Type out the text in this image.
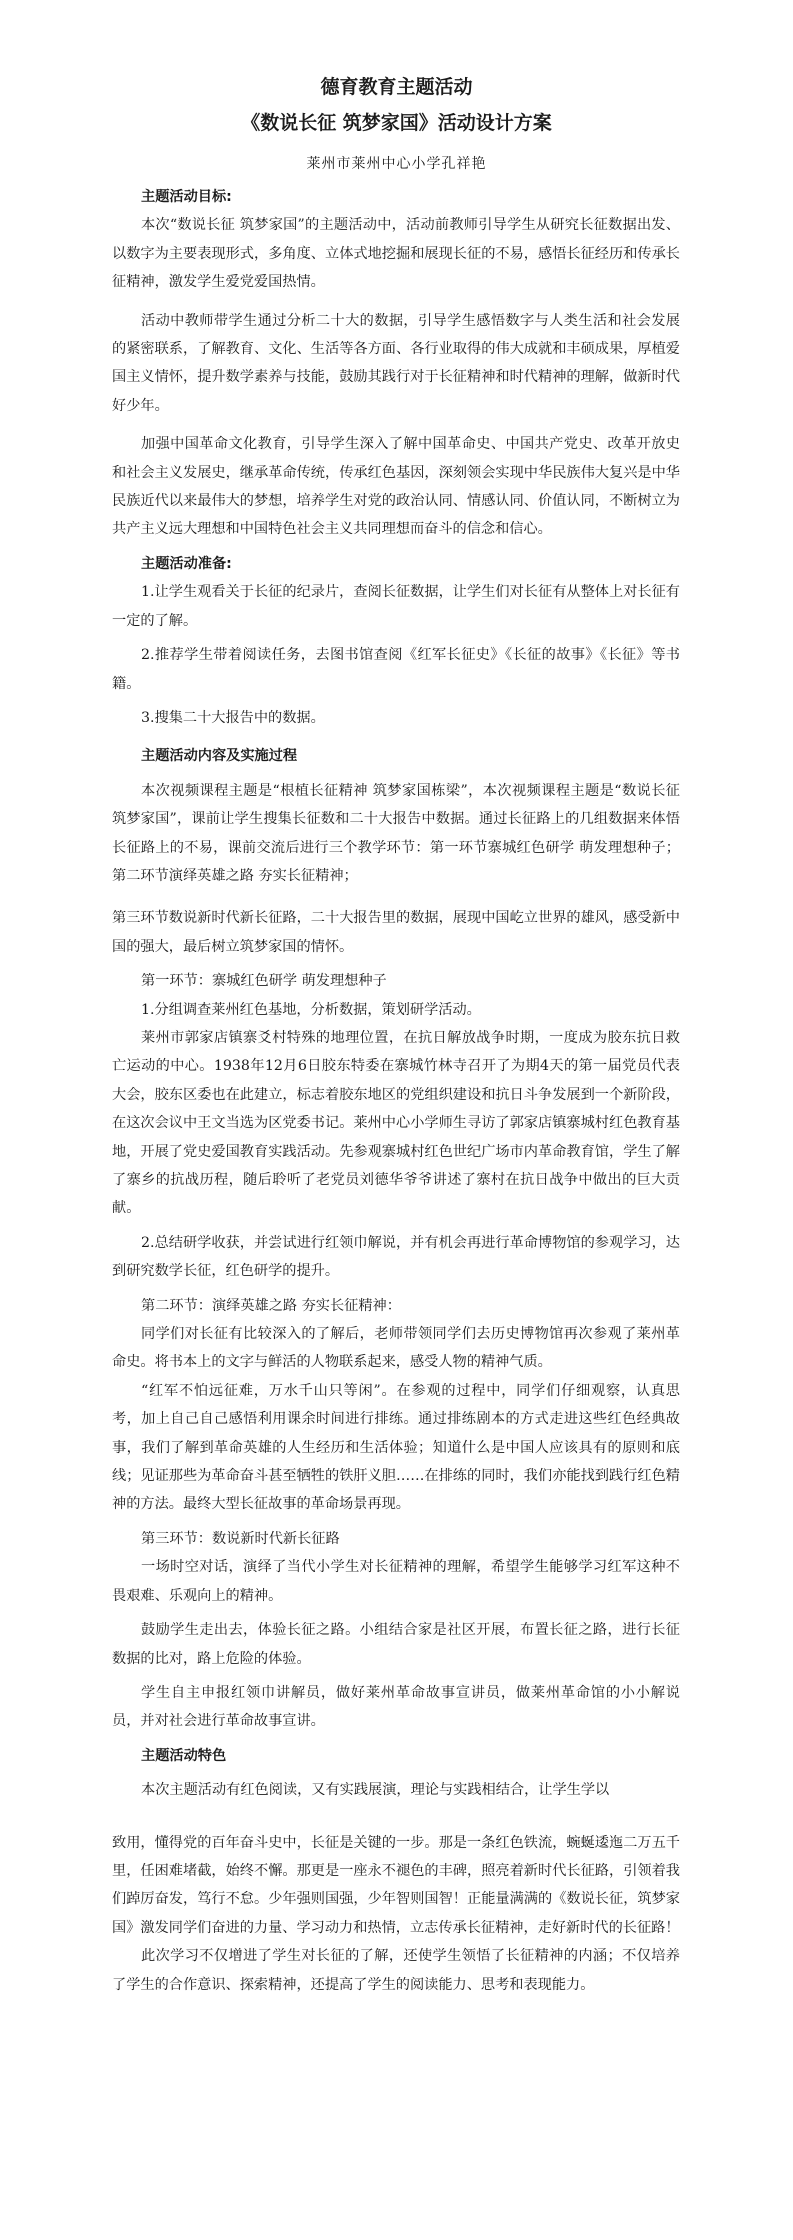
德育教育主题活动
《数说长征 筑梦家国》活动设计方案

莱州市莱州中心小学孔祥艳

主题活动目标:

本次“数说长征 筑梦家国”的主题活动中，活动前教师引导学生从研究长征数据出发、以数字为主要表现形式，多角度、立体式地挖掘和展现长征的不易，感悟长征经历和传承长征精神，激发学生爱党爱国热情。

活动中教师带学生通过分析二十大的数据，引导学生感悟数字与人类生活和社会发展的紧密联系，了解教育、文化、生活等各方面、各行业取得的伟大成就和丰硕成果，厚植爱国主义情怀，提升数学素养与技能，鼓励其践行对于长征精神和时代精神的理解，做新时代好少年。

加强中国革命文化教育，引导学生深入了解中国革命史、中国共产党史、改革开放史和社会主义发展史，继承革命传统，传承红色基因，深刻领会实现中华民族伟大复兴是中华民族近代以来最伟大的梦想，培养学生对党的政治认同、情感认同、价值认同，不断树立为共产主义远大理想和中国特色社会主义共同理想而奋斗的信念和信心。

主题活动准备:

1.让学生观看关于长征的纪录片，查阅长征数据，让学生们对长征有从整体上对长征有一定的了解。

2.推荐学生带着阅读任务，去图书馆查阅《红军长征史》《长征的故事》《长征》等书籍。

3.搜集二十大报告中的数据。

主题活动内容及实施过程

本次视频课程主题是“根植长征精神 筑梦家国栋梁”，本次视频课程主题是“数说长征 筑梦家国”，课前让学生搜集长征数和二十大报告中数据。通过长征路上的几组数据来体悟长征路上的不易，课前交流后进行三个教学环节：第一环节寨城红色研学 萌发理想种子；第二环节演绎英雄之路 夯实长征精神；

第三环节数说新时代新长征路，二十大报告里的数据，展现中国屹立世界的雄风，感受新中国的强大，最后树立筑梦家国的情怀。

第一环节：寨城红色研学 萌发理想种子

1.分组调查莱州红色基地，分析数据，策划研学活动。

莱州市郭家店镇寨爻村特殊的地理位置，在抗日解放战争时期，一度成为胶东抗日救亡运动的中心。1938年12月6日胶东特委在寨城竹林寺召开了为期4天的第一届党员代表大会，胶东区委也在此建立，标志着胶东地区的党组织建设和抗日斗争发展到一个新阶段，在这次会议中王文当选为区党委书记。莱州中心小学师生寻访了郭家店镇寨城村红色教育基地，开展了党史爱国教育实践活动。先参观寨城村红色世纪广场市内革命教育馆，学生了解了寨乡的抗战历程，随后聆听了老党员刘德华爷爷讲述了寨村在抗日战争中做出的巨大贡献。

2.总结研学收获，并尝试进行红领巾解说，并有机会再进行革命博物馆的参观学习，达到研究数学长征，红色研学的提升。

第二环节：演绎英雄之路 夯实长征精神：

同学们对长征有比较深入的了解后，老师带领同学们去历史博物馆再次参观了莱州革命史。将书本上的文字与鲜活的人物联系起来，感受人物的精神气质。

“红军不怕远征难，万水千山只等闲”。在参观的过程中，同学们仔细观察，认真思考，加上自己自己感悟利用课余时间进行排练。通过排练剧本的方式走进这些红色经典故事，我们了解到革命英雄的人生经历和生活体验；知道什么是中国人应该具有的原则和底线；见证那些为革命奋斗甚至牺牲的铁肝义胆……在排练的同时，我们亦能找到践行红色精神的方法。最终大型长征故事的革命场景再现。

第三环节：数说新时代新长征路

一场时空对话，演绎了当代小学生对长征精神的理解，希望学生能够学习红军这种不畏艰难、乐观向上的精神。

鼓励学生走出去，体验长征之路。小组结合家是社区开展，布置长征之路，进行长征数据的比对，路上危险的体验。

学生自主申报红领巾讲解员，做好莱州革命故事宣讲员，做莱州革命馆的小小解说员，并对社会进行革命故事宣讲。

主题活动特色

本次主题活动有红色阅读，又有实践展演，理论与实践相结合，让学生学以

致用，懂得党的百年奋斗史中，长征是关键的一步。那是一条红色铁流，蜿蜒逶迤二万五千里，任困难堵截，始终不懈。那更是一座永不褪色的丰碑，照亮着新时代长征路，引领着我们踔厉奋发，笃行不怠。少年强则国强，少年智则国智！正能量满满的《数说长征，筑梦家国》激发同学们奋进的力量、学习动力和热情，立志传承长征精神，走好新时代的长征路！

此次学习不仅增进了学生对长征的了解，还使学生领悟了长征精神的内涵；不仅培养了学生的合作意识、探索精神，还提高了学生的阅读能力、思考和表现能力。
